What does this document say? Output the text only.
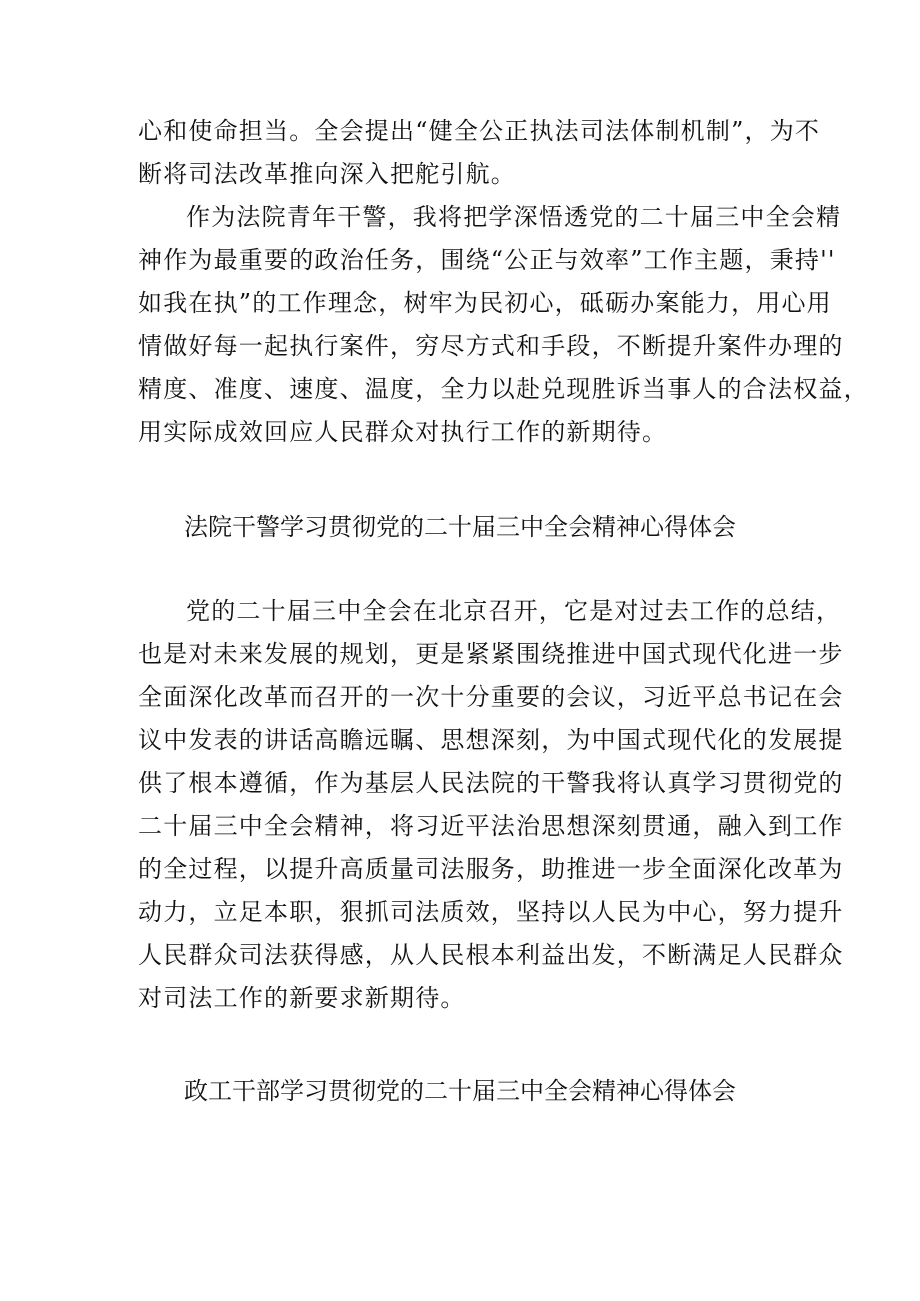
心和使命担当。全会提出“健全公正执法司法体制机制”，为不
断将司法改革推向深入把舵引航。
作为法院青年干警，我将把学深悟透党的二十届三中全会精
神作为最重要的政治任务，围绕“公正与效率”工作主题，秉持''
如我在执”的工作理念，树牢为民初心，砥砺办案能力，用心用
情做好每一起执行案件，穷尽方式和手段，不断提升案件办理的
精度、准度、速度、温度，全力以赴兑现胜诉当事人的合法权益，
用实际成效回应人民群众对执行工作的新期待。
法院干警学习贯彻党的二十届三中全会精神心得体会
党的二十届三中全会在北京召开，它是对过去工作的总结，
也是对未来发展的规划，更是紧紧围绕推进中国式现代化进一步
全面深化改革而召开的一次十分重要的会议，习近平总书记在会
议中发表的讲话高瞻远瞩、思想深刻，为中国式现代化的发展提
供了根本遵循，作为基层人民法院的干警我将认真学习贯彻党的
二十届三中全会精神，将习近平法治思想深刻贯通，融入到工作
的全过程，以提升高质量司法服务，助推进一步全面深化改革为
动力，立足本职，狠抓司法质效，坚持以人民为中心，努力提升
人民群众司法获得感，从人民根本利益出发，不断满足人民群众
对司法工作的新要求新期待。
政工干部学习贯彻党的二十届三中全会精神心得体会
